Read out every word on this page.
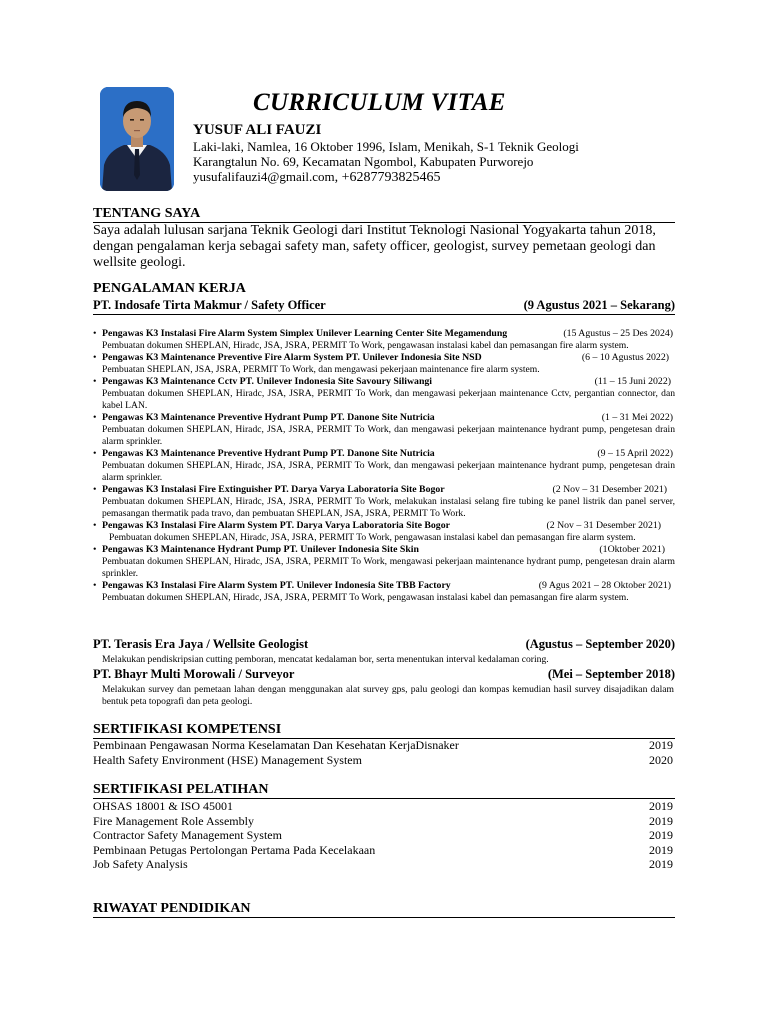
CURRICULUM VITAE
YUSUF ALI FAUZI
Laki-laki, Namlea, 16 Oktober 1996, Islam, Menikah, S-1 Teknik Geologi
Karangtalun No. 69, Kecamatan Ngombol, Kabupaten Purworejo
yusufalifauzi4@gmail.com, +6287793825465
TENTANG SAYA
Saya adalah lulusan sarjana Teknik Geologi dari Institut Teknologi Nasional Yogyakarta tahun 2018, dengan pengalaman kerja sebagai safety man, safety officer, geologist, survey pemetaan geologi dan wellsite geologi.
PENGALAMAN KERJA
PT. Indosafe Tirta Makmur / Safety Officer	(9 Agustus 2021 – Sekarang)
• Pengawas K3 Instalasi Fire Alarm System Simplex Unilever Learning Center Site Megamendung	(15 Agustus – 25 Des 2024)
Pembuatan dokumen SHEPLAN, Hiradc, JSA, JSRA, PERMIT To Work, pengawasan instalasi kabel dan pemasangan fire alarm system.
• Pengawas K3 Maintenance Preventive Fire Alarm System PT. Unilever Indonesia Site NSD	(6 – 10 Agustus 2022)
Pembuatan SHEPLAN, JSA, JSRA, PERMIT To Work, dan mengawasi pekerjaan maintenance fire alarm system.
• Pengawas K3 Maintenance Cctv PT. Unilever Indonesia Site Savoury Siliwangi	(11 – 15 Juni 2022)
Pembuatan dokumen SHEPLAN, Hiradc, JSA, JSRA, PERMIT To Work, dan mengawasi pekerjaan maintenance Cctv, pergantian connector, dan kabel LAN.
• Pengawas K3 Maintenance Preventive Hydrant Pump PT. Danone Site Nutricia	(1 – 31 Mei 2022)
Pembuatan dokumen SHEPLAN, Hiradc, JSA, JSRA, PERMIT To Work, dan mengawasi pekerjaan maintenance hydrant pump, pengetesan drain alarm sprinkler.
• Pengawas K3 Maintenance Preventive Hydrant Pump PT. Danone Site Nutricia	(9 – 15 April 2022)
Pembuatan dokumen SHEPLAN, Hiradc, JSA, JSRA, PERMIT To Work, dan mengawasi pekerjaan maintenance hydrant pump, pengetesan drain alarm sprinkler.
• Pengawas K3 Instalasi Fire Extinguisher PT. Darya Varya Laboratoria Site Bogor	(2 Nov – 31 Desember 2021)
Pembuatan dokumen SHEPLAN, Hiradc, JSA, JSRA, PERMIT To Work, melakukan instalasi selang fire tubing ke panel listrik dan panel server, pemasangan thermatik pada travo, dan pembuatan SHEPLAN, JSA, JSRA, PERMIT To Work.
• Pengawas K3 Instalasi Fire Alarm System PT. Darya Varya Laboratoria Site Bogor	(2 Nov – 31 Desember 2021)
Pembuatan dokumen SHEPLAN, Hiradc, JSA, JSRA, PERMIT To Work, pengawasan instalasi kabel dan pemasangan fire alarm system.
• Pengawas K3 Maintenance Hydrant Pump PT. Unilever Indonesia Site Skin	(1Oktober 2021)
Pembuatan dokumen SHEPLAN, Hiradc, JSA, JSRA, PERMIT To Work, mengawasi pekerjaan maintenance hydrant pump, pengetesan drain alarm sprinkler.
• Pengawas K3 Instalasi Fire Alarm System PT. Unilever Indonesia Site TBB Factory	(9 Agus 2021 – 28 Oktober 2021)
Pembuatan dokumen SHEPLAN, Hiradc, JSA, JSRA, PERMIT To Work, pengawasan instalasi kabel dan pemasangan fire alarm system.
PT. Terasis Era Jaya / Wellsite Geologist	(Agustus – September 2020)
Melakukan pendiskripsian cutting pemboran, mencatat kedalaman bor, serta menentukan interval kedalaman coring.
PT. Bhayr Multi Morowali / Surveyor	(Mei – September 2018)
Melakukan survey dan pemetaan lahan dengan menggunakan alat survey gps, palu geologi dan kompas kemudian hasil survey disajadikan dalam bentuk peta topografi dan peta geologi.
SERTIFIKASI KOMPETENSI
Pembinaan Pengawasan Norma Keselamatan Dan Kesehatan KerjaDisnaker	2019
Health Safety Environment (HSE) Management System	2020
SERTIFIKASI PELATIHAN
OHSAS 18001 & ISO 45001	2019
Fire Management Role Assembly	2019
Contractor Safety Management System	2019
Pembinaan Petugas Pertolongan Pertama Pada Kecelakaan	2019
Job Safety Analysis	2019
RIWAYAT PENDIDIKAN
